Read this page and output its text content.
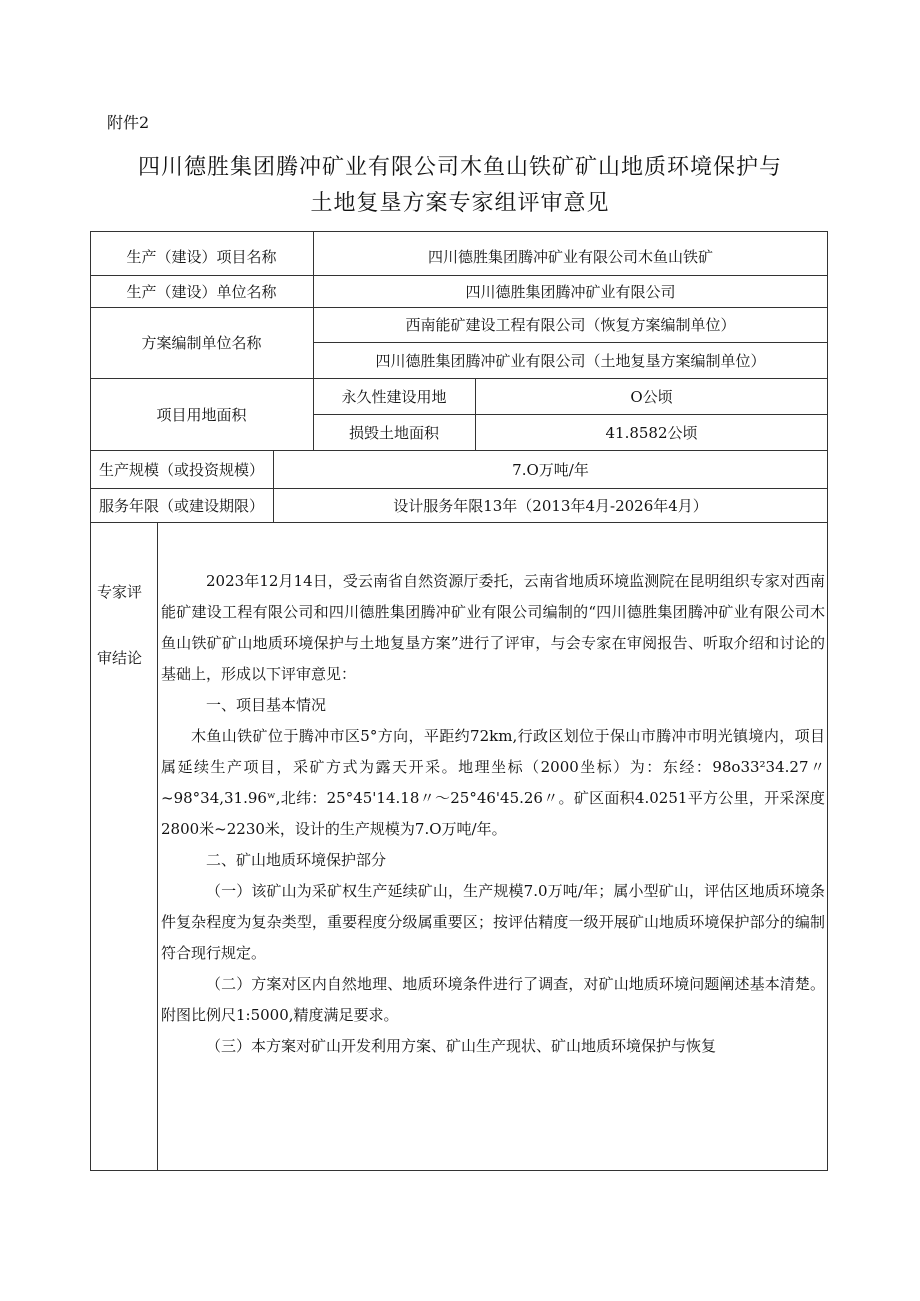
附件2
四川德胜集团腾冲矿业有限公司木鱼山铁矿矿山地质环境保护与
土地复垦方案专家组评审意见
生产（建设）项目名称	四川德胜集团腾冲矿业有限公司木鱼山铁矿
生产（建设）单位名称	四川德胜集团腾冲矿业有限公司
方案编制单位名称
西南能矿建设工程有限公司（恢复方案编制单位）
四川德胜集团腾冲矿业有限公司（土地复垦方案编制单位）
项目用地面积
永久性建设用地	O公顷
损毁土地面积	41.8582公顷
生产规模（或投资规模）	7.O万吨/年
服务年限（或建设期限）	设计服务年限13年（2013年4月-2026年4月）
专家评
审结论

2023年12月14日，受云南省自然资源厅委托，云南省地质环境监测院在昆明组织专家对西南能矿建设工程有限公司和四川德胜集团腾冲矿业有限公司编制的“四川德胜集团腾冲矿业有限公司木鱼山铁矿矿山地质环境保护与土地复垦方案”进行了评审，与会专家在审阅报告、听取介绍和讨论的基础上，形成以下评审意见：

一、项目基本情况

木鱼山铁矿位于腾冲市区5°方向，平距约72km,行政区划位于保山市腾冲市明光镇境内，项目属延续生产项目，采矿方式为露天开采。地理坐标（2000坐标）为：东经：98o33²34.27〃~98°34,31.96ʷ,北纬：25°45'14.18〃～25°46'45.26〃。矿区面积4.0251平方公里，开采深度2800米~2230米，设计的生产规模为7.O万吨/年。

二、矿山地质环境保护部分

（一）该矿山为采矿权生产延续矿山，生产规模7.0万吨/年；属小型矿山，评估区地质环境条件复杂程度为复杂类型，重要程度分级属重要区；按评估精度一级开展矿山地质环境保护部分的编制符合现行规定。

（二）方案对区内自然地理、地质环境条件进行了调查，对矿山地质环境问题阐述基本清楚。附图比例尺1:5000,精度满足要求。

（三）本方案对矿山开发利用方案、矿山生产现状、矿山地质环境保护与恢复
